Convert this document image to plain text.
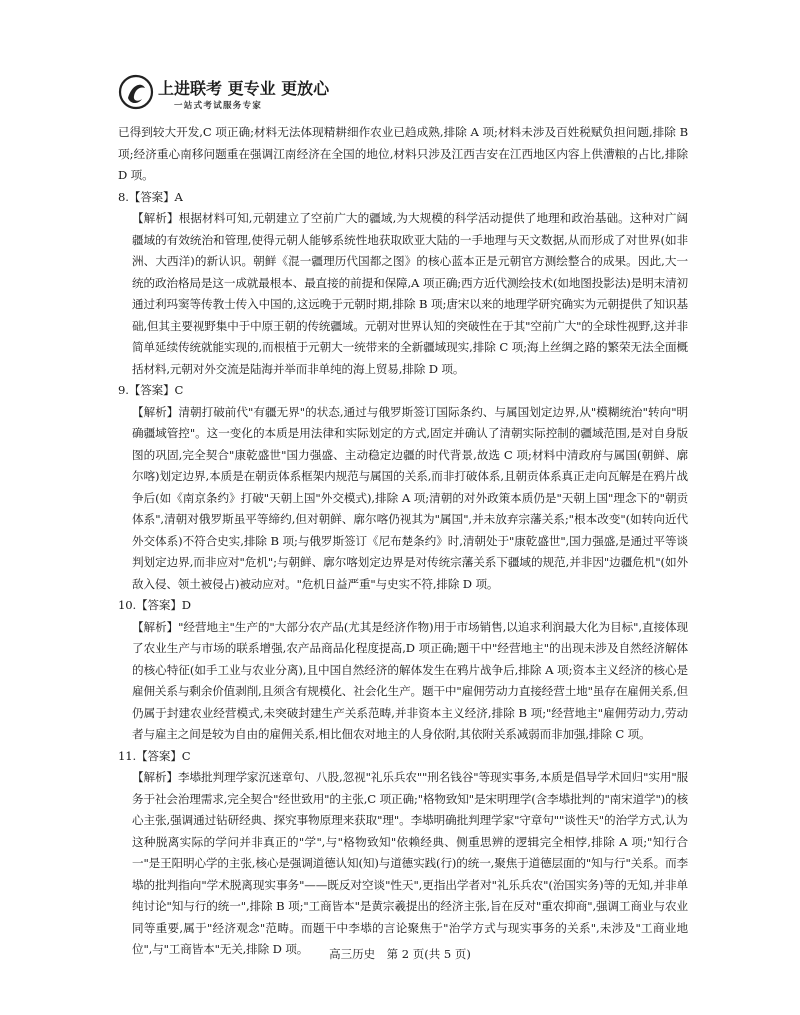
上进联考 更专业 更放心
一站式考试服务专家

已得到较大开发,C 项正确;材料无法体现精耕细作农业已趋成熟,排除 A 项;材料未涉及百姓税赋负担问题,排除 B 项;经济重心南移问题重在强调江南经济在全国的地位,材料只涉及江西吉安在江西地区内容上供漕粮的占比,排除 D 项。

8.【答案】A

【解析】根据材料可知,元朝建立了空前广大的疆域,为大规模的科学活动提供了地理和政治基础。这种对广阔疆域的有效统治和管理,使得元朝人能够系统性地获取欧亚大陆的一手地理与天文数据,从而形成了对世界(如非洲、大西洋)的新认识。朝鲜《混一疆理历代国都之图》的核心蓝本正是元朝官方测绘整合的成果。因此,大一统的政治格局是这一成就最根本、最直接的前提和保障,A 项正确;西方近代测绘技术(如地图投影法)是明末清初通过利玛窦等传教士传入中国的,这远晚于元朝时期,排除 B 项;唐宋以来的地理学研究确实为元朝提供了知识基础,但其主要视野集中于中原王朝的传统疆域。元朝对世界认知的突破性在于其"空前广大"的全球性视野,这并非简单延续传统就能实现的,而根植于元朝大一统带来的全新疆域现实,排除 C 项;海上丝绸之路的繁荣无法全面概括材料,元朝对外交流是陆海并举而非单纯的海上贸易,排除 D 项。

9.【答案】C

【解析】清朝打破前代"有疆无界"的状态,通过与俄罗斯签订国际条约、与属国划定边界,从"模糊统治"转向"明确疆域管控"。这一变化的本质是用法律和实际划定的方式,固定并确认了清朝实际控制的疆域范围,是对自身版图的巩固,完全契合"康乾盛世"国力强盛、主动稳定边疆的时代背景,故选 C 项;材料中清政府与属国(朝鲜、廓尔喀)划定边界,本质是在朝贡体系框架内规范与属国的关系,而非打破体系,且朝贡体系真正走向瓦解是在鸦片战争后(如《南京条约》打破"天朝上国"外交模式),排除 A 项;清朝的对外政策本质仍是"天朝上国"理念下的"朝贡体系",清朝对俄罗斯虽平等缔约,但对朝鲜、廓尔喀仍视其为"属国",并未放弃宗藩关系;"根本改变"(如转向近代外交体系)不符合史实,排除 B 项;与俄罗斯签订《尼布楚条约》时,清朝处于"康乾盛世",国力强盛,是通过平等谈判划定边界,而非应对"危机";与朝鲜、廓尔喀划定边界是对传统宗藩关系下疆域的规范,并非因"边疆危机"(如外敌入侵、领土被侵占)被动应对。"危机日益严重"与史实不符,排除 D 项。

10.【答案】D

【解析】"经营地主"生产的"大部分农产品(尤其是经济作物)用于市场销售,以追求利润最大化为目标",直接体现了农业生产与市场的联系增强,农产品商品化程度提高,D 项正确;题干中"经营地主"的出现未涉及自然经济解体的核心特征(如手工业与农业分离),且中国自然经济的解体发生在鸦片战争后,排除 A 项;资本主义经济的核心是雇佣关系与剩余价值剥削,且须含有规模化、社会化生产。题干中"雇佣劳动力直接经营土地"虽存在雇佣关系,但仍属于封建农业经营模式,未突破封建生产关系范畴,并非资本主义经济,排除 B 项;"经营地主"雇佣劳动力,劳动者与雇主之间是较为自由的雇佣关系,相比佃农对地主的人身依附,其依附关系减弱而非加强,排除 C 项。

11.【答案】C

【解析】李塨批判理学家沉迷章句、八股,忽视"礼乐兵农""刑名钱谷"等现实事务,本质是倡导学术回归"实用"服务于社会治理需求,完全契合"经世致用"的主张,C 项正确;"格物致知"是宋明理学(含李塨批判的"南宋道学")的核心主张,强调通过钻研经典、探究事物原理来获取"理"。李塨明确批判理学家"守章句""谈性天"的治学方式,认为这种脱离实际的学问并非真正的"学",与"格物致知"依赖经典、侧重思辨的逻辑完全相悖,排除 A 项;"知行合一"是王阳明心学的主张,核心是强调道德认知(知)与道德实践(行)的统一,聚焦于道德层面的"知与行"关系。而李塨的批判指向"学术脱离现实事务"——既反对空谈"性天",更指出学者对"礼乐兵农"(治国实务)等的无知,并非单纯讨论"知与行的统一",排除 B 项;"工商皆本"是黄宗羲提出的经济主张,旨在反对"重农抑商",强调工商业与农业同等重要,属于"经济观念"范畴。而题干中李塨的言论聚焦于"治学方式与现实事务的关系",未涉及"工商业地位",与"工商皆本"无关,排除 D 项。	高三历史　第 2 页(共 5 页)
